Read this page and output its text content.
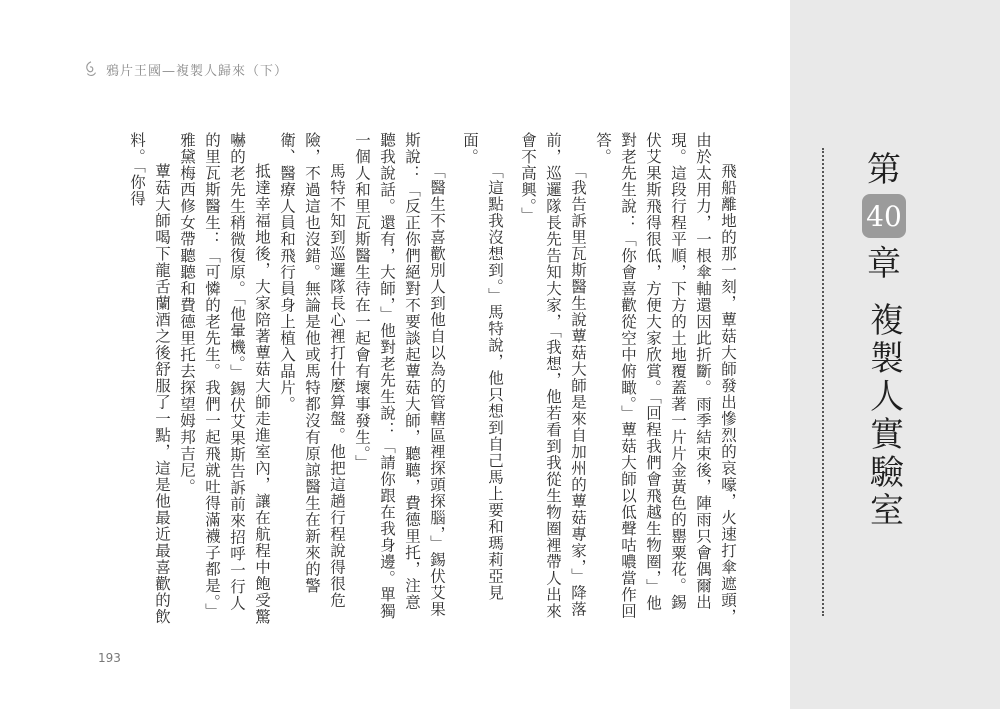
鴉片王國—複製人歸來（下）

飛船離地的那一刻，蕈菇大師發出慘烈的哀嚎，火速打傘遮頭，由於太用力，一根傘軸還因此折斷。雨季結束後，陣雨只會偶爾出現。這段行程平順，下方的土地覆蓋著一片片金黃色的罌粟花。錫伏艾果斯飛得很低，方便大家欣賞。「回程我們會飛越生物圈，」他對老先生說：「你會喜歡從空中俯瞰。」蕈菇大師以低聲咕噥當作回答。

「我告訴里瓦斯醫生說蕈菇大師是來自加州的蕈菇專家，」降落前，巡邏隊長先告知大家，「我想，他若看到我從生物圈裡帶人出來會不高興。」

「這點我沒想到。」馬特說，他只想到自己馬上要和瑪莉亞見面。

「醫生不喜歡別人到他自以為的管轄區裡探頭探腦，」錫伏艾果斯說：「反正你們絕對不要談起蕈菇大師，聽聽，費德里托，注意聽我說話。還有，大師，」他對老先生說：「請你跟在我身邊。單獨一個人和里瓦斯醫生待在一起會有壞事發生。」

馬特不知到巡邏隊長心裡打什麼算盤。他把這趟行程說得很危險，不過這也沒錯。無論是他或馬特都沒有原諒醫生在新來的警衛、醫療人員和飛行員身上植入晶片。

抵達幸福地後，大家陪著蕈菇大師走進室內，讓在航程中飽受驚嚇的老先生稍微復原。「他暈機。」錫伏艾果斯告訴前來招呼一行人的里瓦斯醫生：「可憐的老先生。我們一起飛就吐得滿襪子都是。」雅黛梅西修女帶聽聽和費德里托去探望姆邦吉尼。

蕈菇大師喝下龍舌蘭酒之後舒服了一點，這是他最近最喜歡的飲料。「你得

193
第
40
章
複製人實驗室
